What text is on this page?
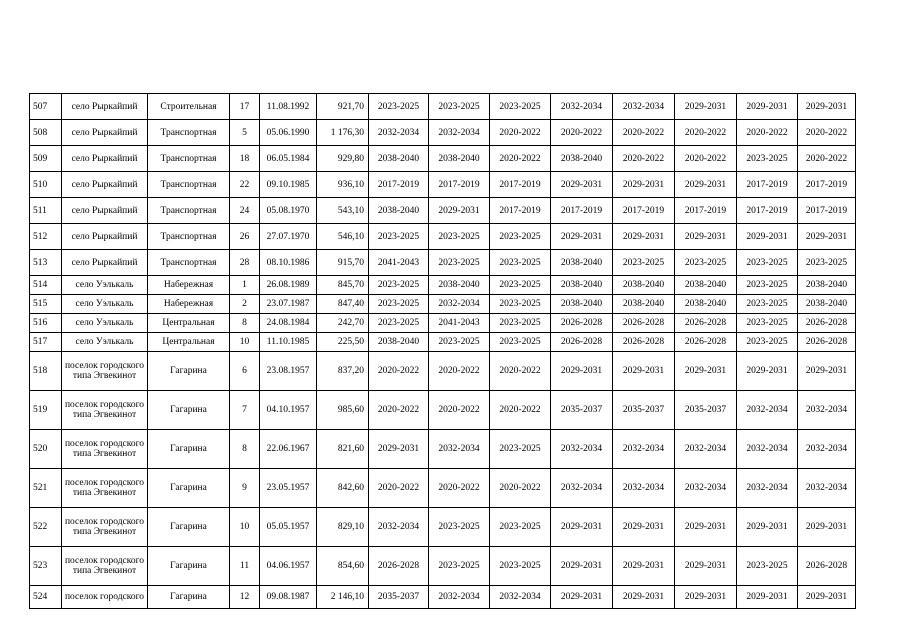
507	село Рыркайпий	Строительная	17	11.08.1992	921,70	2023-2025	2023-2025	2023-2025	2032-2034	2032-2034	2029-2031	2029-2031	2029-2031
508	село Рыркайпий	Транспортная	5	05.06.1990	1 176,30	2032-2034	2032-2034	2020-2022	2020-2022	2020-2022	2020-2022	2020-2022	2020-2022
509	село Рыркайпий	Транспортная	18	06.05.1984	929,80	2038-2040	2038-2040	2020-2022	2038-2040	2020-2022	2020-2022	2023-2025	2020-2022
510	село Рыркайпий	Транспортная	22	09.10.1985	936,10	2017-2019	2017-2019	2017-2019	2029-2031	2029-2031	2029-2031	2017-2019	2017-2019
511	село Рыркайпий	Транспортная	24	05.08.1970	543,10	2038-2040	2029-2031	2017-2019	2017-2019	2017-2019	2017-2019	2017-2019	2017-2019
512	село Рыркайпий	Транспортная	26	27.07.1970	546,10	2023-2025	2023-2025	2023-2025	2029-2031	2029-2031	2029-2031	2029-2031	2029-2031
513	село Рыркайпий	Транспортная	28	08.10.1986	915,70	2041-2043	2023-2025	2023-2025	2038-2040	2023-2025	2023-2025	2023-2025	2023-2025
514	село Уэлькаль	Набережная	1	26.08.1989	845,70	2023-2025	2038-2040	2023-2025	2038-2040	2038-2040	2038-2040	2023-2025	2038-2040
515	село Уэлькаль	Набережная	2	23.07.1987	847,40	2023-2025	2032-2034	2023-2025	2038-2040	2038-2040	2038-2040	2023-2025	2038-2040
516	село Уэлькаль	Центральная	8	24.08.1984	242,70	2023-2025	2041-2043	2023-2025	2026-2028	2026-2028	2026-2028	2023-2025	2026-2028
517	село Уэлькаль	Центральная	10	11.10.1985	225,50	2038-2040	2023-2025	2023-2025	2026-2028	2026-2028	2026-2028	2023-2025	2026-2028
518	поселок городского типа Эгвекинот	Гагарина	6	23.08.1957	837,20	2020-2022	2020-2022	2020-2022	2029-2031	2029-2031	2029-2031	2029-2031	2029-2031
519	поселок городского типа Эгвекинот	Гагарина	7	04.10.1957	985,60	2020-2022	2020-2022	2020-2022	2035-2037	2035-2037	2035-2037	2032-2034	2032-2034
520	поселок городского типа Эгвекинот	Гагарина	8	22.06.1967	821,60	2029-2031	2032-2034	2023-2025	2032-2034	2032-2034	2032-2034	2032-2034	2032-2034
521	поселок городского типа Эгвекинот	Гагарина	9	23.05.1957	842,60	2020-2022	2020-2022	2020-2022	2032-2034	2032-2034	2032-2034	2032-2034	2032-2034
522	поселок городского типа Эгвекинот	Гагарина	10	05.05.1957	829,10	2032-2034	2023-2025	2023-2025	2029-2031	2029-2031	2029-2031	2029-2031	2029-2031
523	поселок городского типа Эгвекинот	Гагарина	11	04.06.1957	854,60	2026-2028	2023-2025	2023-2025	2029-2031	2029-2031	2029-2031	2023-2025	2026-2028
524	поселок городского	Гагарина	12	09.08.1987	2 146,10	2035-2037	2032-2034	2032-2034	2029-2031	2029-2031	2029-2031	2029-2031	2029-2031
